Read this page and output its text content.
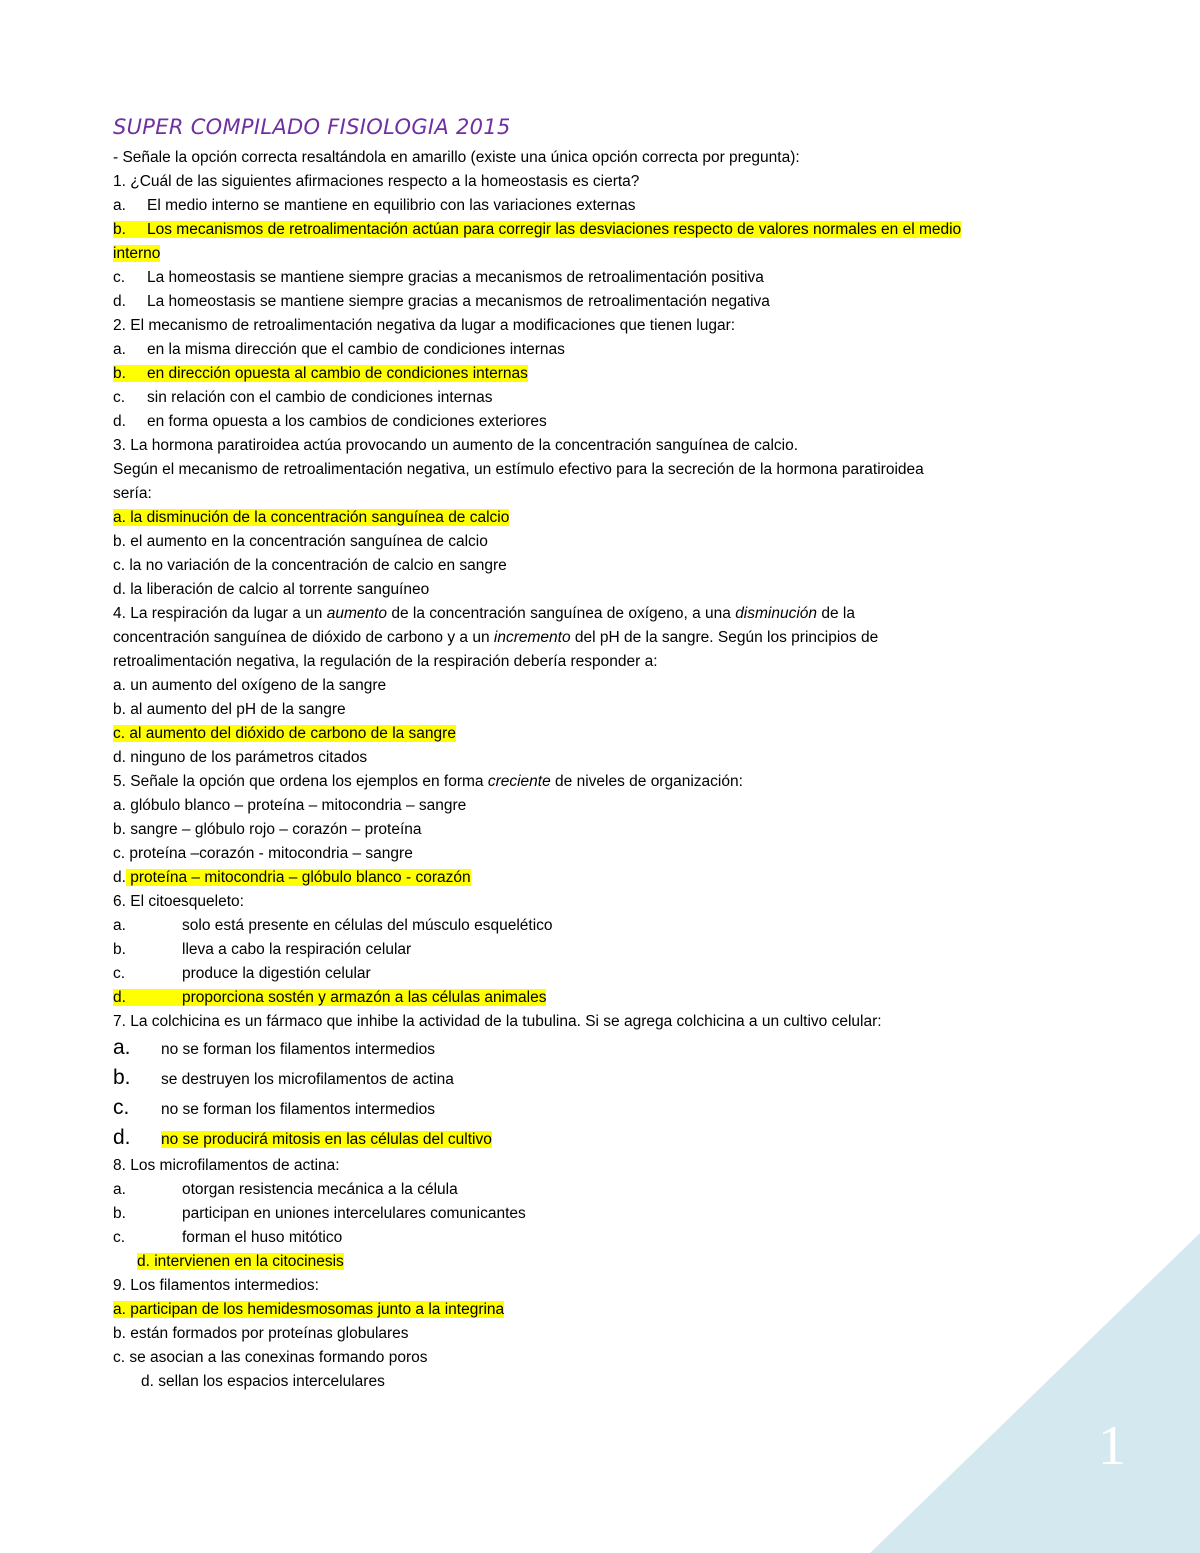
1
SUPER COMPILADO FISIOLOGIA 2015
- Señale la opción correcta resaltándola en amarillo (existe una única opción correcta por pregunta):
1. ¿Cuál de las siguientes afirmaciones respecto a la homeostasis es cierta?
a. El medio interno se mantiene en equilibrio con las variaciones externas
b. Los mecanismos de retroalimentación actúan para corregir las desviaciones respecto de valores normales en el medio
interno
c. La homeostasis se mantiene siempre gracias a mecanismos de retroalimentación positiva
d. La homeostasis se mantiene siempre gracias a mecanismos de retroalimentación negativa
2. El mecanismo de retroalimentación negativa da lugar a modificaciones que tienen lugar:
a. en la misma dirección que el cambio de condiciones internas
b. en dirección opuesta al cambio de condiciones internas
c. sin relación con el cambio de condiciones internas
d. en forma opuesta a los cambios de condiciones exteriores
3. La hormona paratiroidea actúa provocando un aumento de la concentración sanguínea de calcio.
Según el mecanismo de retroalimentación negativa, un estímulo efectivo para la secreción de la hormona paratiroidea
sería:
a. la disminución de la concentración sanguínea de calcio
b. el aumento en la concentración sanguínea de calcio
c. la no variación de la concentración de calcio en sangre
d. la liberación de calcio al torrente sanguíneo
4. La respiración da lugar a un aumento de la concentración sanguínea de oxígeno, a una disminución de la
concentración sanguínea de dióxido de carbono y a un incremento del pH de la sangre. Según los principios de
retroalimentación negativa, la regulación de la respiración debería responder a:
a. un aumento del oxígeno de la sangre
b. al aumento del pH de la sangre
c. al aumento del dióxido de carbono de la sangre
d. ninguno de los parámetros citados
5. Señale la opción que ordena los ejemplos en forma creciente de niveles de organización:
a. glóbulo blanco – proteína – mitocondria – sangre
b. sangre – glóbulo rojo – corazón – proteína
c. proteína –corazón - mitocondria – sangre
d. proteína – mitocondria – glóbulo blanco - corazón
6. El citoesqueleto:
a.	solo está presente en células del músculo esquelético
b.	lleva a cabo la respiración celular
c.	produce la digestión celular
d.	proporciona sostén y armazón a las células animales
7. La colchicina es un fármaco que inhibe la actividad de la tubulina. Si se agrega colchicina a un cultivo celular:
a. no se forman los filamentos intermedios
b. se destruyen los microfilamentos de actina
c. no se forman los filamentos intermedios
d. no se producirá mitosis en las células del cultivo
8. Los microfilamentos de actina:
a.	otorgan resistencia mecánica a la célula
b.	participan en uniones intercelulares comunicantes
c.	forman el huso mitótico
d. intervienen en la citocinesis
9. Los filamentos intermedios:
a. participan de los hemidesmosomas junto a la integrina
b. están formados por proteínas globulares
c. se asocian a las conexinas formando poros
d. sellan los espacios intercelulares
